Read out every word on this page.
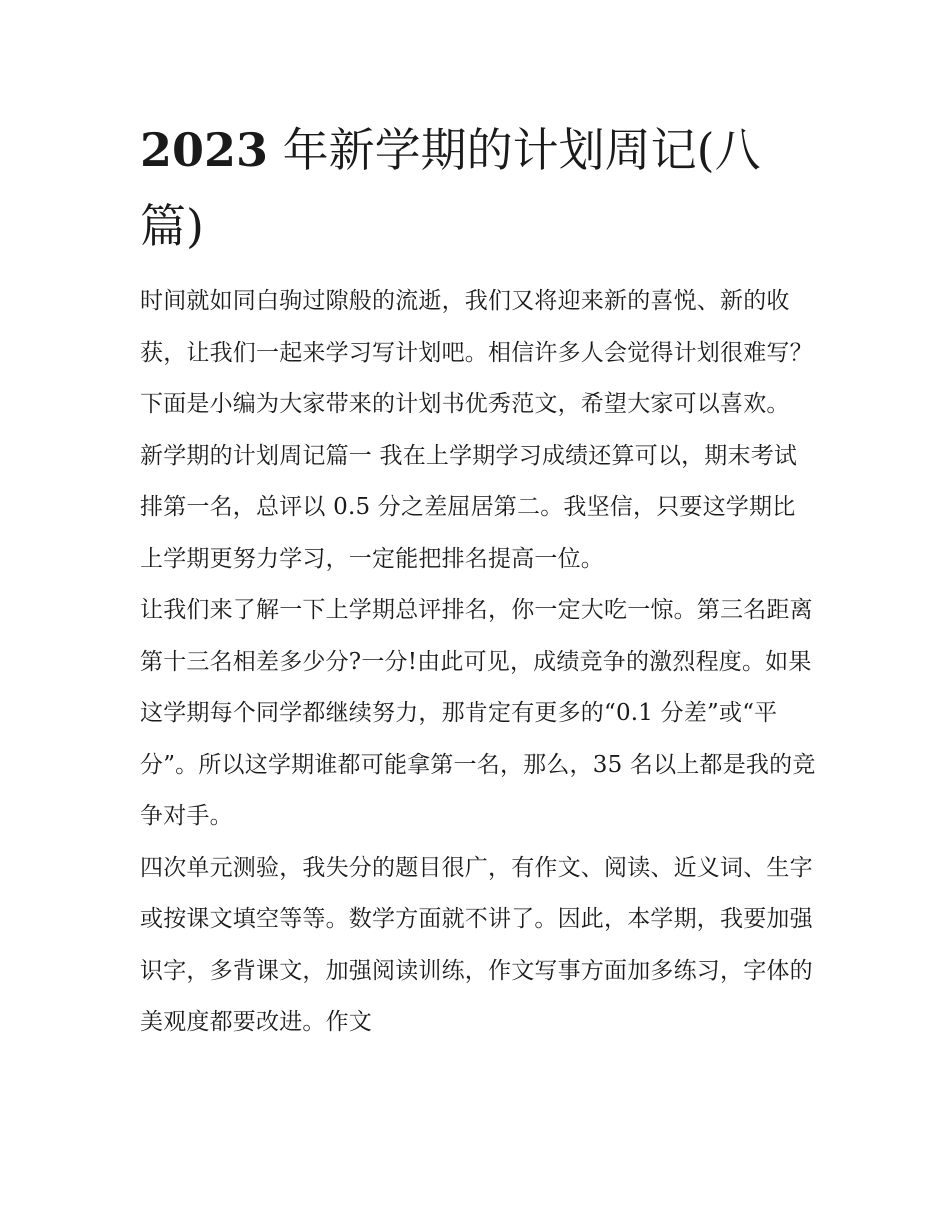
2023 年新学期的计划周记(八篇)

时间就如同白驹过隙般的流逝，我们又将迎来新的喜悦、新的收获，让我们一起来学习写计划吧。相信许多人会觉得计划很难写？下面是小编为大家带来的计划书优秀范文，希望大家可以喜欢。

新学期的计划周记篇一 我在上学期学习成绩还算可以，期末考试排第一名，总评以 0.5 分之差屈居第二。我坚信，只要这学期比上学期更努力学习，一定能把排名提高一位。

让我们来了解一下上学期总评排名，你一定大吃一惊。第三名距离第十三名相差多少分?一分!由此可见，成绩竞争的激烈程度。如果这学期每个同学都继续努力，那肯定有更多的“0.1 分差”或“平分”。所以这学期谁都可能拿第一名，那么，35 名以上都是我的竞争对手。

四次单元测验，我失分的题目很广，有作文、阅读、近义词、生字或按课文填空等等。数学方面就不讲了。因此，本学期，我要加强识字，多背课文，加强阅读训练，作文写事方面加多练习，字体的美观度都要改进。作文
